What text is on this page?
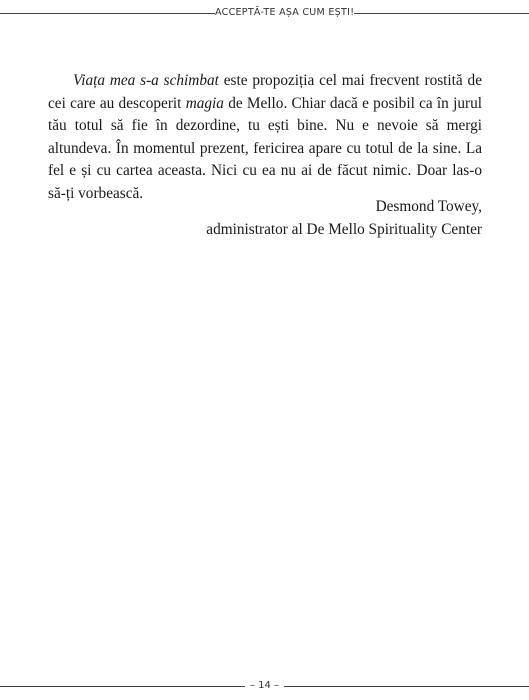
ACCEPTĂ-TE AȘA CUM EȘTI!

Viața mea s-a schimbat este propoziția cel mai frecvent rostită de cei care au descoperit magia de Mello. Chiar dacă e posibil ca în jurul tău totul să fie în dezordine, tu ești bine. Nu e nevoie să mergi altundeva. În momentul prezent, fericirea apare cu totul de la sine. La fel e și cu cartea aceasta. Nici cu ea nu ai de făcut nimic. Doar las-o să-ți vorbească.

Desmond Towey,
administrator al De Mello Spirituality Center
– 14 –
